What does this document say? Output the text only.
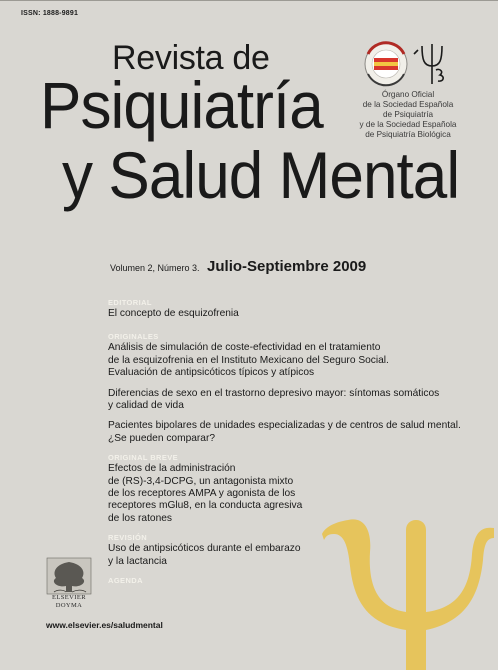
ISSN: 1888-9891
Revista de
Psiquiatría
y Salud Mental
Órgano Oficial
de la Sociedad Española
de Psiquiatría
y de la Sociedad Española
de Psiquiatría Biológica
Volumen 2, Número 3. Julio-Septiembre 2009
EDITORIAL
El concepto de esquizofrenia
ORIGINALES
Análisis de simulación de coste-efectividad en el tratamiento
de la esquizofrenia en el Instituto Mexicano del Seguro Social.
Evaluación de antipsicóticos típicos y atípicos
Diferencias de sexo en el trastorno depresivo mayor: síntomas somáticos
y calidad de vida
Pacientes bipolares de unidades especializadas y de centros de salud mental.
¿Se pueden comparar?
ORIGINAL BREVE
Efectos de la administración
de (RS)-3,4-DCPG, un antagonista mixto
de los receptores AMPA y agonista de los
receptores mGlu8, en la conducta agresiva
de los ratones
REVISIÓN
Uso de antipsicóticos durante el embarazo
y la lactancia
AGENDA
ELSEVIER
DOYMA
www.elsevier.es/saludmental
